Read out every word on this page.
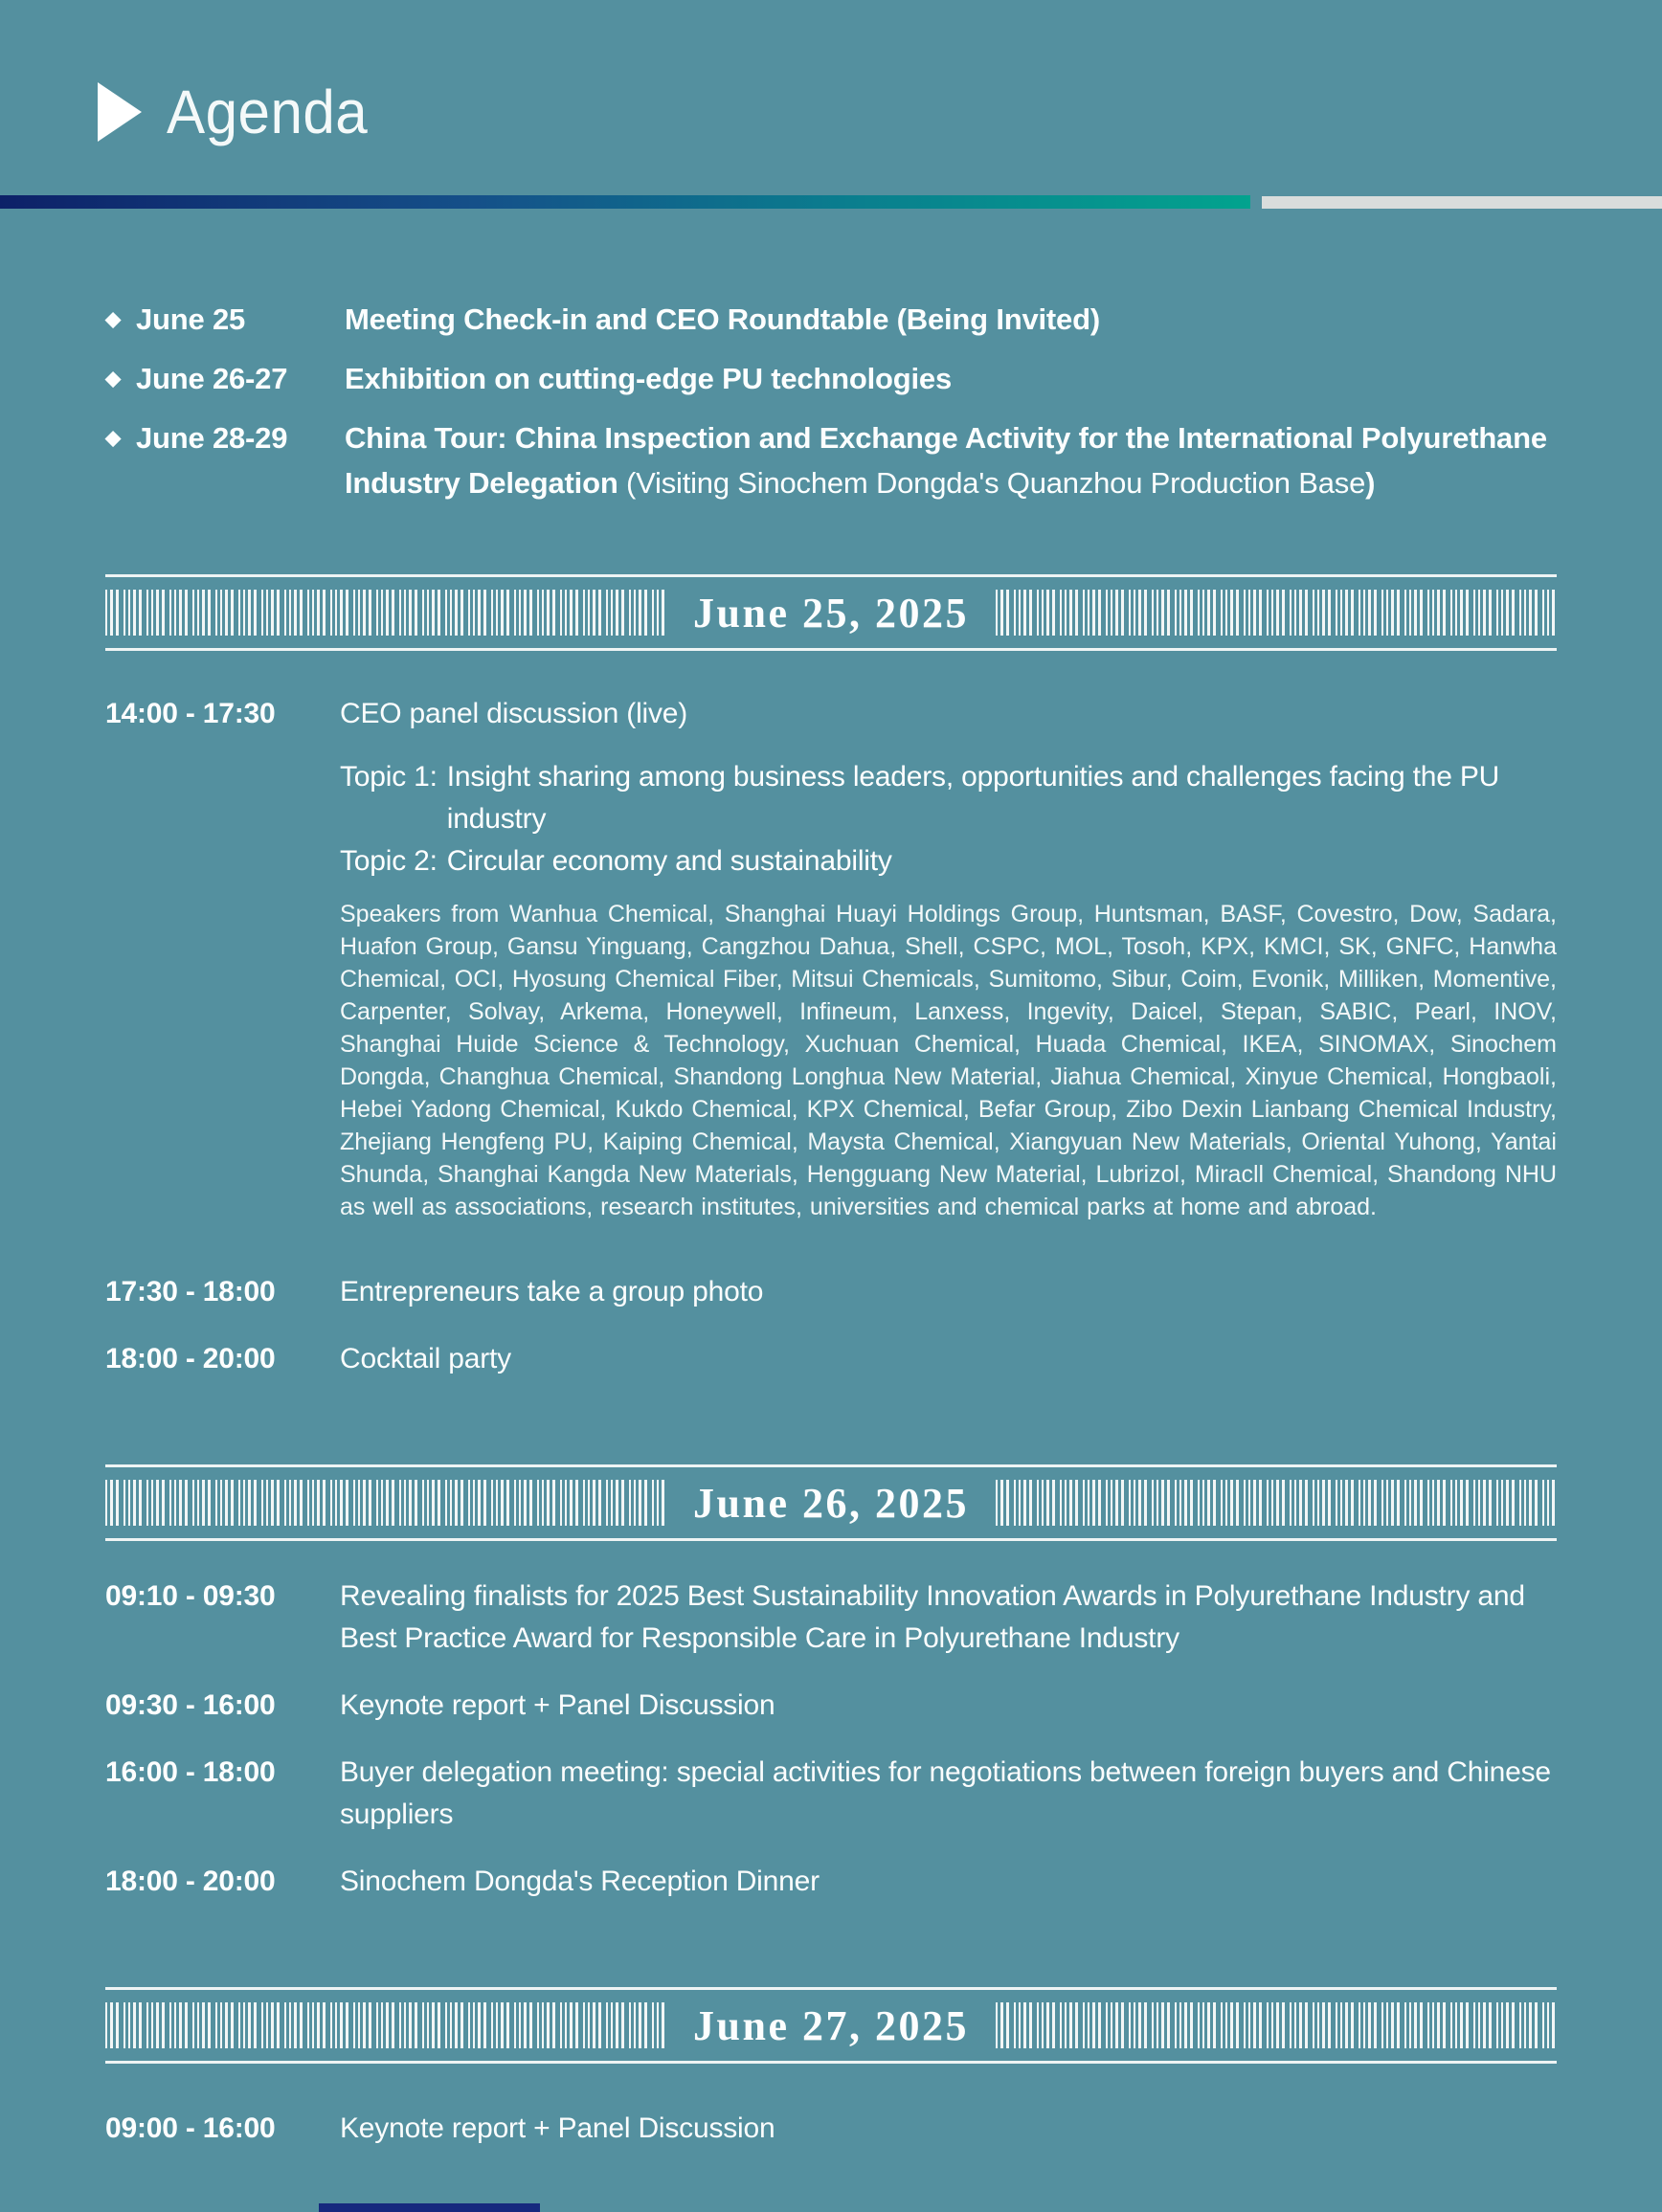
Agenda
◆ June 25	Meeting Check-in and CEO Roundtable (Being Invited)
◆ June 26-27	Exhibition on cutting-edge PU technologies
◆ June 28-29	China Tour: China Inspection and Exchange Activity for the International Polyurethane Industry Delegation (Visiting Sinochem Dongda's Quanzhou Production Base)
June 25, 2025
14:00 - 17:30	CEO panel discussion (live)
Topic 1: Insight sharing among business leaders, opportunities and challenges facing the PU industry
Topic 2: Circular economy and sustainability
Speakers from Wanhua Chemical, Shanghai Huayi Holdings Group, Huntsman, BASF, Covestro, Dow, Sadara, Huafon Group, Gansu Yinguang, Cangzhou Dahua, Shell, CSPC, MOL, Tosoh, KPX, KMCI, SK, GNFC, Hanwha Chemical, OCI, Hyosung Chemical Fiber, Mitsui Chemicals, Sumitomo, Sibur, Coim, Evonik, Milliken, Momentive, Carpenter, Solvay, Arkema, Honeywell, Infineum, Lanxess, Ingevity, Daicel, Stepan, SABIC, Pearl, INOV, Shanghai Huide Science & Technology, Xuchuan Chemical, Huada Chemical, IKEA, SINOMAX, Sinochem Dongda, Changhua Chemical, Shandong Longhua New Material, Jiahua Chemical, Xinyue Chemical, Hongbaoli, Hebei Yadong Chemical, Kukdo Chemical, KPX Chemical, Befar Group, Zibo Dexin Lianbang Chemical Industry, Zhejiang Hengfeng PU, Kaiping Chemical, Maysta Chemical, Xiangyuan New Materials, Oriental Yuhong, Yantai Shunda, Shanghai Kangda New Materials, Hengguang New Material, Lubrizol, Miracll Chemical, Shandong NHU as well as associations, research institutes, universities and chemical parks at home and abroad.
17:30 - 18:00	Entrepreneurs take a group photo
18:00 - 20:00	Cocktail party
June 26, 2025
09:10 - 09:30	Revealing finalists for 2025 Best Sustainability Innovation Awards in Polyurethane Industry and Best Practice Award for Responsible Care in Polyurethane Industry
09:30 - 16:00	Keynote report + Panel Discussion
16:00 - 18:00	Buyer delegation meeting: special activities for negotiations between foreign buyers and Chinese suppliers
18:00 - 20:00	Sinochem Dongda's Reception Dinner
June 27, 2025
09:00 - 16:00	Keynote report + Panel Discussion
